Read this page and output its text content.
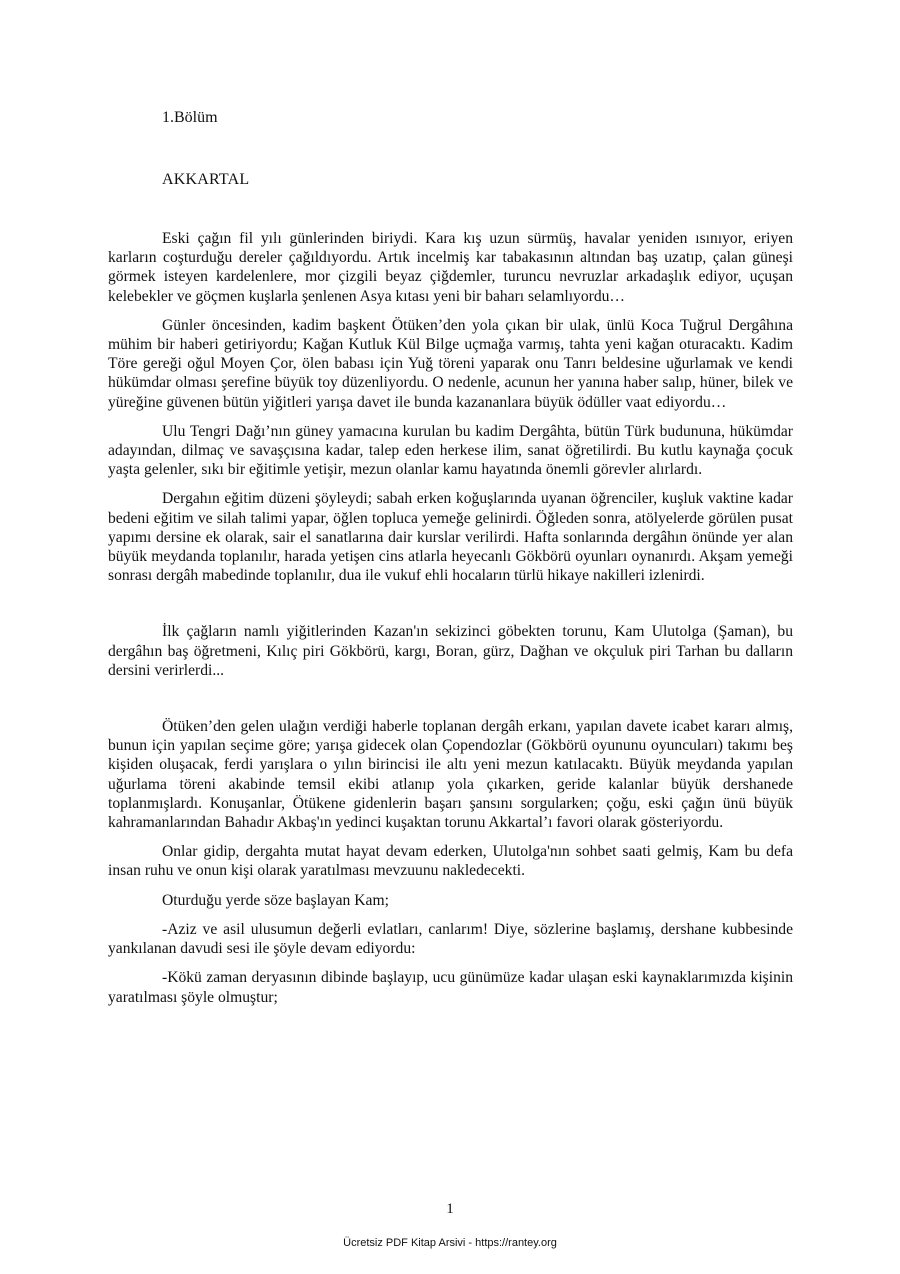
1.Bölüm
AKKARTAL

Eski çağın fil yılı günlerinden biriydi. Kara kış uzun sürmüş, havalar yeniden ısınıyor, eriyen karların coşturduğu dereler çağıldıyordu. Artık incelmiş kar tabakasının altından baş uzatıp, çalan güneşi görmek isteyen kardelenlere, mor çizgili beyaz çiğdemler, turuncu nevruzlar arkadaşlık ediyor, uçuşan kelebekler ve göçmen kuşlarla şenlenen Asya kıtası yeni bir baharı selamlıyordu…

Günler öncesinden, kadim başkent Ötüken’den yola çıkan bir ulak, ünlü Koca Tuğrul Dergâhına mühim bir haberi getiriyordu; Kağan Kutluk Kül Bilge uçmağa varmış, tahta yeni kağan oturacaktı. Kadim Töre gereği oğul Moyen Çor, ölen babası için Yuğ töreni yaparak onu Tanrı beldesine uğurlamak ve kendi hükümdar olması şerefine büyük toy düzenliyordu. O nedenle, acunun her yanına haber salıp, hüner, bilek ve yüreğine güvenen bütün yiğitleri yarışa davet ile bunda kazananlara büyük ödüller vaat ediyordu…

Ulu Tengri Dağı’nın güney yamacına kurulan bu kadim Dergâhta, bütün Türk budununa, hükümdar adayından, dilmaç ve savaşçısına kadar, talep eden herkese ilim, sanat öğretilirdi. Bu kutlu kaynağa çocuk yaşta gelenler, sıkı bir eğitimle yetişir, mezun olanlar kamu hayatında önemli görevler alırlardı.

Dergahın eğitim düzeni şöyleydi; sabah erken koğuşlarında uyanan öğrenciler, kuşluk vaktine kadar bedeni eğitim ve silah talimi yapar, öğlen topluca yemeğe gelinirdi. Öğleden sonra, atölyelerde görülen pusat yapımı dersine ek olarak, sair el sanatlarına dair kurslar verilirdi. Hafta sonlarında dergâhın önünde yer alan büyük meydanda toplanılır, harada yetişen cins atlarla heyecanlı Gökbörü oyunları oynanırdı. Akşam yemeği sonrası dergâh mabedinde toplanılır, dua ile vukuf ehli hocaların türlü hikaye nakilleri izlenirdi.

İlk çağların namlı yiğitlerinden Kazan'ın sekizinci göbekten torunu, Kam Ulutolga (Şaman), bu dergâhın baş öğretmeni, Kılıç piri Gökbörü, kargı, Boran, gürz, Dağhan ve okçuluk piri Tarhan bu dalların dersini verirlerdi...

Ötüken’den gelen ulağın verdiği haberle toplanan dergâh erkanı, yapılan davete icabet kararı almış, bunun için yapılan seçime göre; yarışa gidecek olan Çopendozlar (Gökbörü oyununu oyuncuları) takımı beş kişiden oluşacak, ferdi yarışlara o yılın birincisi ile altı yeni mezun katılacaktı. Büyük meydanda yapılan uğurlama töreni akabinde temsil ekibi atlanıp yola çıkarken, geride kalanlar büyük dershanede toplanmışlardı. Konuşanlar, Ötükene gidenlerin başarı şansını sorgularken; çoğu, eski çağın ünü büyük kahramanlarından Bahadır Akbaş'ın yedinci kuşaktan torunu Akkartal’ı favori olarak gösteriyordu.

Onlar gidip, dergahta mutat hayat devam ederken, Ulutolga'nın sohbet saati gelmiş, Kam bu defa insan ruhu ve onun kişi olarak yaratılması mevzuunu nakledecekti.

Oturduğu yerde söze başlayan Kam;

-Aziz ve asil ulusumun değerli evlatları, canlarım! Diye, sözlerine başlamış, dershane kubbesinde yankılanan davudi sesi ile şöyle devam ediyordu:

-Kökü zaman deryasının dibinde başlayıp, ucu günümüze kadar ulaşan eski kaynaklarımızda kişinin yaratılması şöyle olmuştur;

1
Ücretsiz PDF Kitap Arsivi - https://rantey.org
